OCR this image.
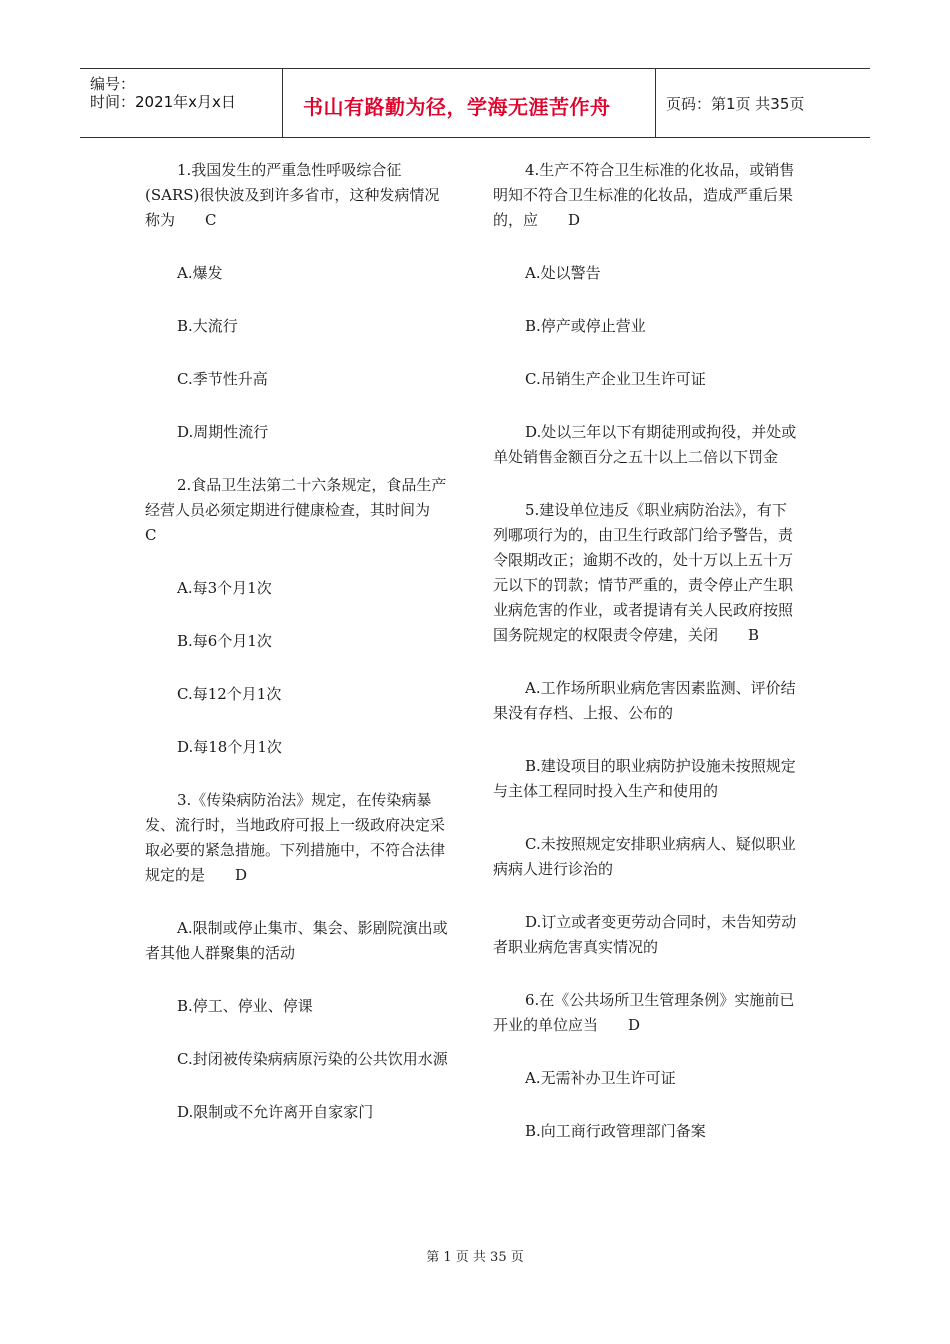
编号：
时间：2021年x月x日	书山有路勤为径，学海无涯苦作舟	页码：第1页 共35页

1.我国发生的严重急性呼吸综合征(SARS)很快波及到许多省市，这种发病情况称为　　C

A.爆发

B.大流行

C.季节性升高

D.周期性流行

2.食品卫生法第二十六条规定，食品生产经营人员必须定期进行健康检查，其时间为　　C

A.每3个月1次

B.每6个月1次

C.每12个月1次

D.每18个月1次

3.《传染病防治法》规定，在传染病暴发、流行时，当地政府可报上一级政府决定采取必要的紧急措施。下列措施中，不符合法律规定的是　　D

A.限制或停止集市、集会、影剧院演出或者其他人群聚集的活动

B.停工、停业、停课

C.封闭被传染病病原污染的公共饮用水源

D.限制或不允许离开自家家门

4.生产不符合卫生标准的化妆品，或销售明知不符合卫生标准的化妆品，造成严重后果的，应　　D

A.处以警告

B.停产或停止营业

C.吊销生产企业卫生许可证

D.处以三年以下有期徒刑或拘役，并处或单处销售金额百分之五十以上二倍以下罚金

5.建设单位违反《职业病防治法》，有下列哪项行为的，由卫生行政部门给予警告，责令限期改正；逾期不改的，处十万以上五十万元以下的罚款；情节严重的，责令停止产生职业病危害的作业，或者提请有关人民政府按照国务院规定的权限责令停建，关闭　　B

A.工作场所职业病危害因素监测、评价结果没有存档、上报、公布的

B.建设项目的职业病防护设施未按照规定与主体工程同时投入生产和使用的

C.未按照规定安排职业病病人、疑似职业病病人进行诊治的

D.订立或者变更劳动合同时，未告知劳动者职业病危害真实情况的

6.在《公共场所卫生管理条例》实施前已开业的单位应当　　D

A.无需补办卫生许可证

B.向工商行政管理部门备案

第 1 页 共 35 页
